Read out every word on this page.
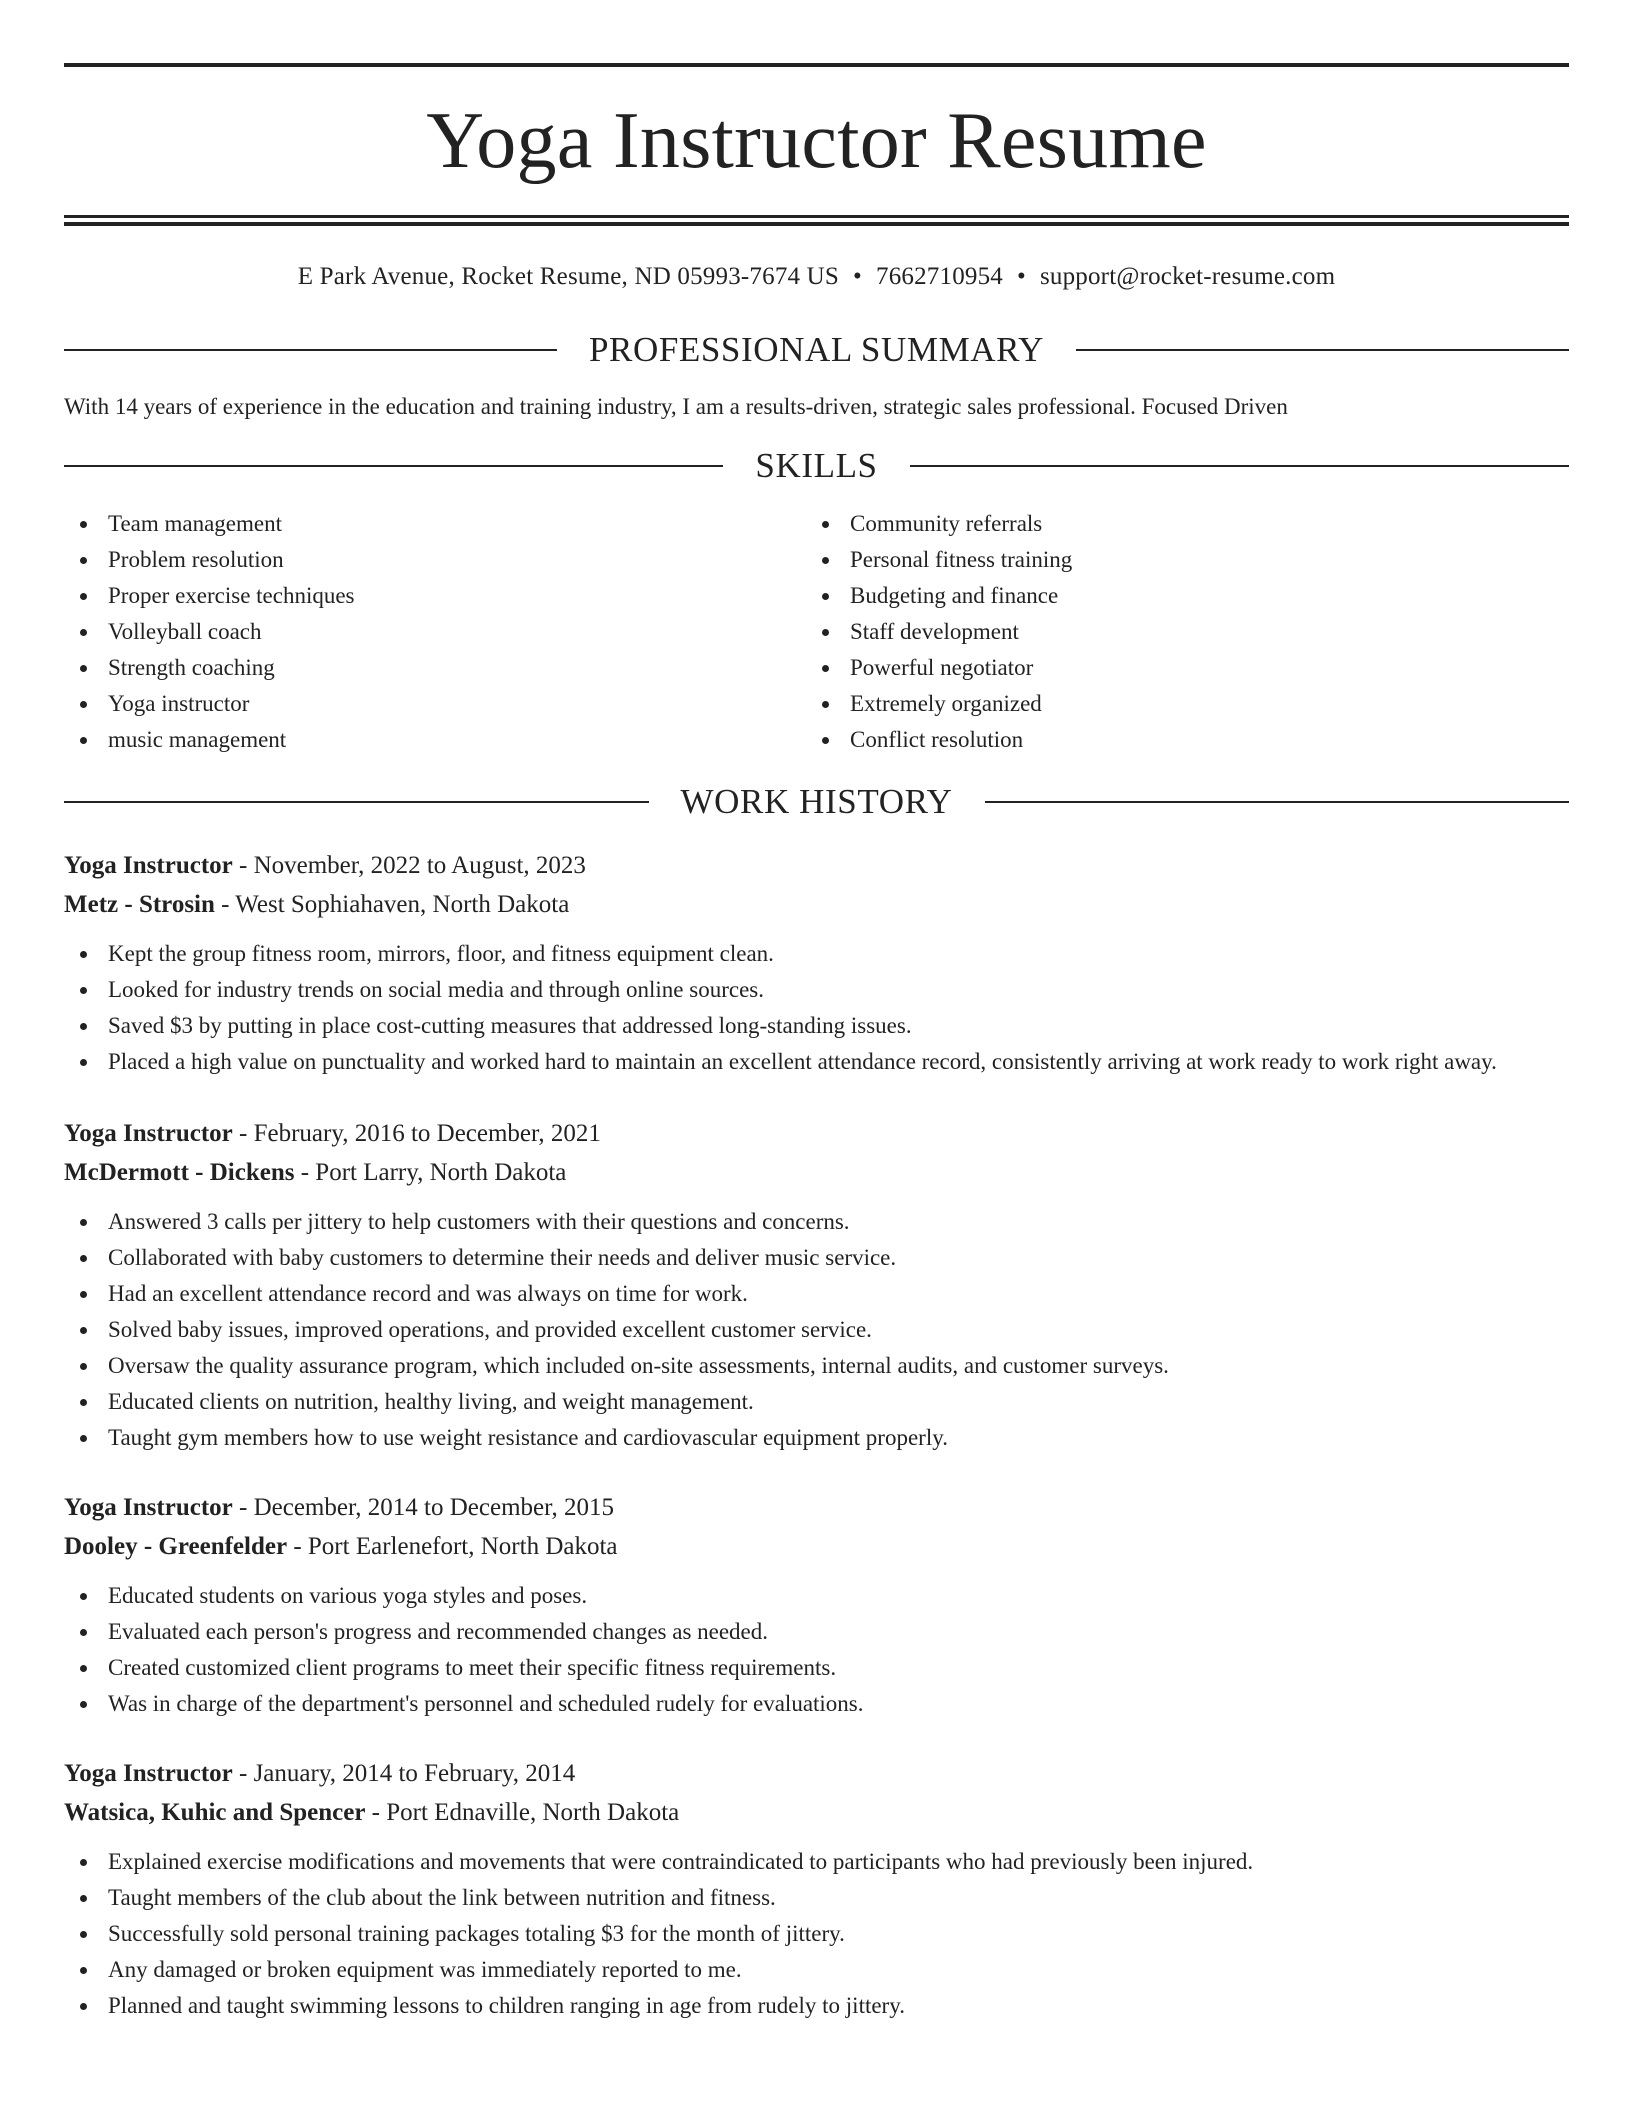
Yoga Instructor Resume
E Park Avenue, Rocket Resume, ND 05993-7674 US • 7662710954 • support@rocket-resume.com
PROFESSIONAL SUMMARY

With 14 years of experience in the education and training industry, I am a results-driven, strategic sales professional. Focused Driven

SKILLS
Team management
Problem resolution
Proper exercise techniques
Volleyball coach
Strength coaching
Yoga instructor
music management
Community referrals
Personal fitness training
Budgeting and finance
Staff development
Powerful negotiator
Extremely organized
Conflict resolution
WORK HISTORY
Yoga Instructor - November, 2022 to August, 2023
Metz - Strosin - West Sophiahaven, North Dakota
Kept the group fitness room, mirrors, floor, and fitness equipment clean.
Looked for industry trends on social media and through online sources.
Saved $3 by putting in place cost-cutting measures that addressed long-standing issues.
Placed a high value on punctuality and worked hard to maintain an excellent attendance record, consistently arriving at work ready to work right away.
Yoga Instructor - February, 2016 to December, 2021
McDermott - Dickens - Port Larry, North Dakota
Answered 3 calls per jittery to help customers with their questions and concerns.
Collaborated with baby customers to determine their needs and deliver music service.
Had an excellent attendance record and was always on time for work.
Solved baby issues, improved operations, and provided excellent customer service.
Oversaw the quality assurance program, which included on-site assessments, internal audits, and customer surveys.
Educated clients on nutrition, healthy living, and weight management.
Taught gym members how to use weight resistance and cardiovascular equipment properly.
Yoga Instructor - December, 2014 to December, 2015
Dooley - Greenfelder - Port Earlenefort, North Dakota
Educated students on various yoga styles and poses.
Evaluated each person's progress and recommended changes as needed.
Created customized client programs to meet their specific fitness requirements.
Was in charge of the department's personnel and scheduled rudely for evaluations.
Yoga Instructor - January, 2014 to February, 2014
Watsica, Kuhic and Spencer - Port Ednaville, North Dakota
Explained exercise modifications and movements that were contraindicated to participants who had previously been injured.
Taught members of the club about the link between nutrition and fitness.
Successfully sold personal training packages totaling $3 for the month of jittery.
Any damaged or broken equipment was immediately reported to me.
Planned and taught swimming lessons to children ranging in age from rudely to jittery.
